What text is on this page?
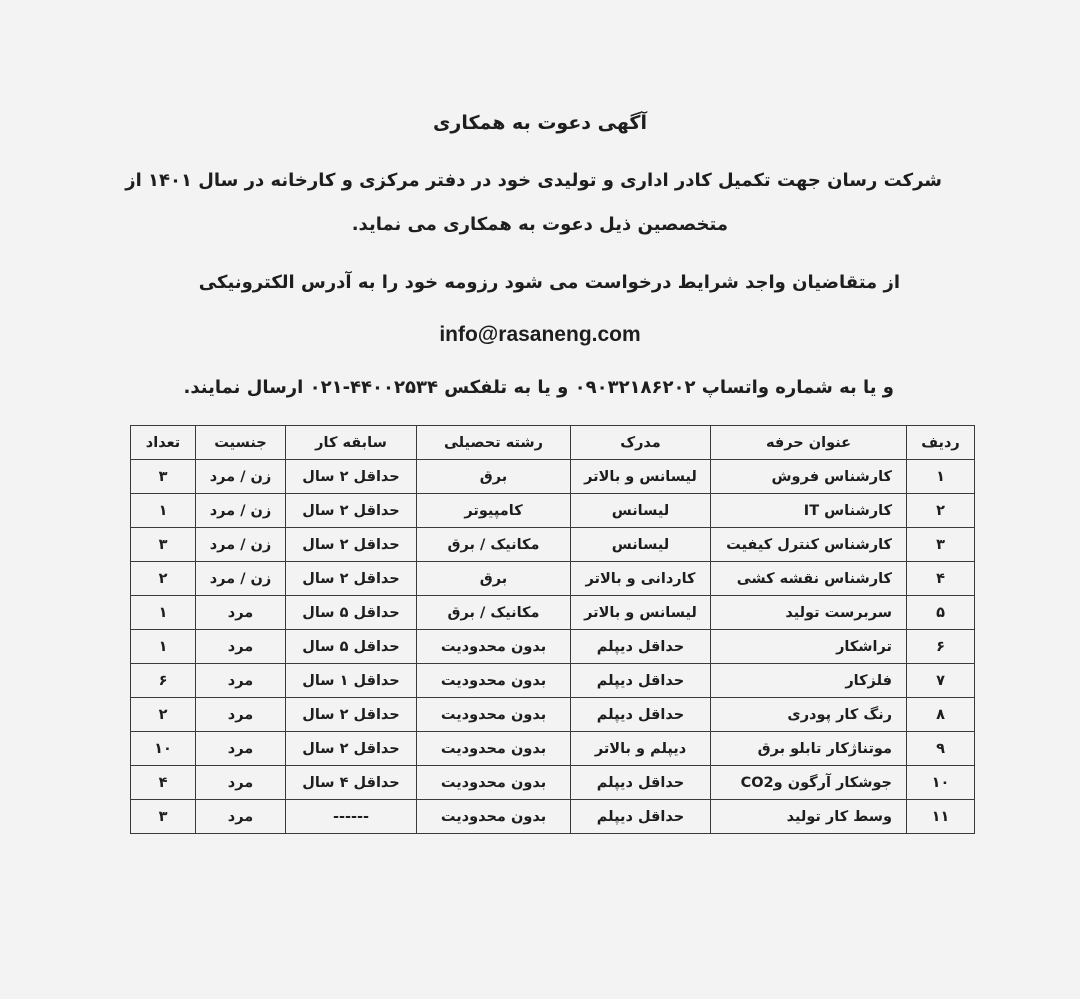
آگهی دعوت به همکاری
شرکت رسان جهت تکمیل کادر اداری و تولیدی خود در دفتر مرکزی و کارخانه در سال ۱۴۰۱ از
متخصصین ذیل دعوت به همکاری می نماید.
از متقاضیان واجد شرایط درخواست می شود رزومه خود را به آدرس الکترونیکی
info@rasaneng.com
و یا به شماره واتساپ ۰۹۰۳۲۱۸۶۲۰۲ و یا به تلفکس ۴۴۰۰۲۵۳۴-۰۲۱ ارسال نمایند.
ردیف	عنوان حرفه	مدرک	رشته تحصیلی	سابقه کار	جنسیت	تعداد
۱	کارشناس فروش	لیسانس و بالاتر	برق	حداقل ۲ سال	زن / مرد	۳
۲	کارشناس IT	لیسانس	کامپیوتر	حداقل ۲ سال	زن / مرد	۱
۳	کارشناس کنترل کیفیت	لیسانس	مکانیک / برق	حداقل ۲ سال	زن / مرد	۳
۴	کارشناس نقشه کشی	کاردانی و بالاتر	برق	حداقل ۲ سال	زن / مرد	۲
۵	سربرست تولید	لیسانس و بالاتر	مکانیک / برق	حداقل ۵ سال	مرد	۱
۶	تراشکار	حداقل دیپلم	بدون محدودیت	حداقل ۵ سال	مرد	۱
۷	فلزکار	حداقل دیپلم	بدون محدودیت	حداقل ۱ سال	مرد	۶
۸	رنگ کار پودری	حداقل دیپلم	بدون محدودیت	حداقل ۲ سال	مرد	۲
۹	موتناژکار تابلو برق	دیپلم و بالاتر	بدون محدودیت	حداقل ۲ سال	مرد	۱۰
۱۰	جوشکار آرگون وCO2	حداقل دیپلم	بدون محدودیت	حداقل ۴ سال	مرد	۴
۱۱	وسط کار تولید	حداقل دیپلم	بدون محدودیت	------	مرد	۳
